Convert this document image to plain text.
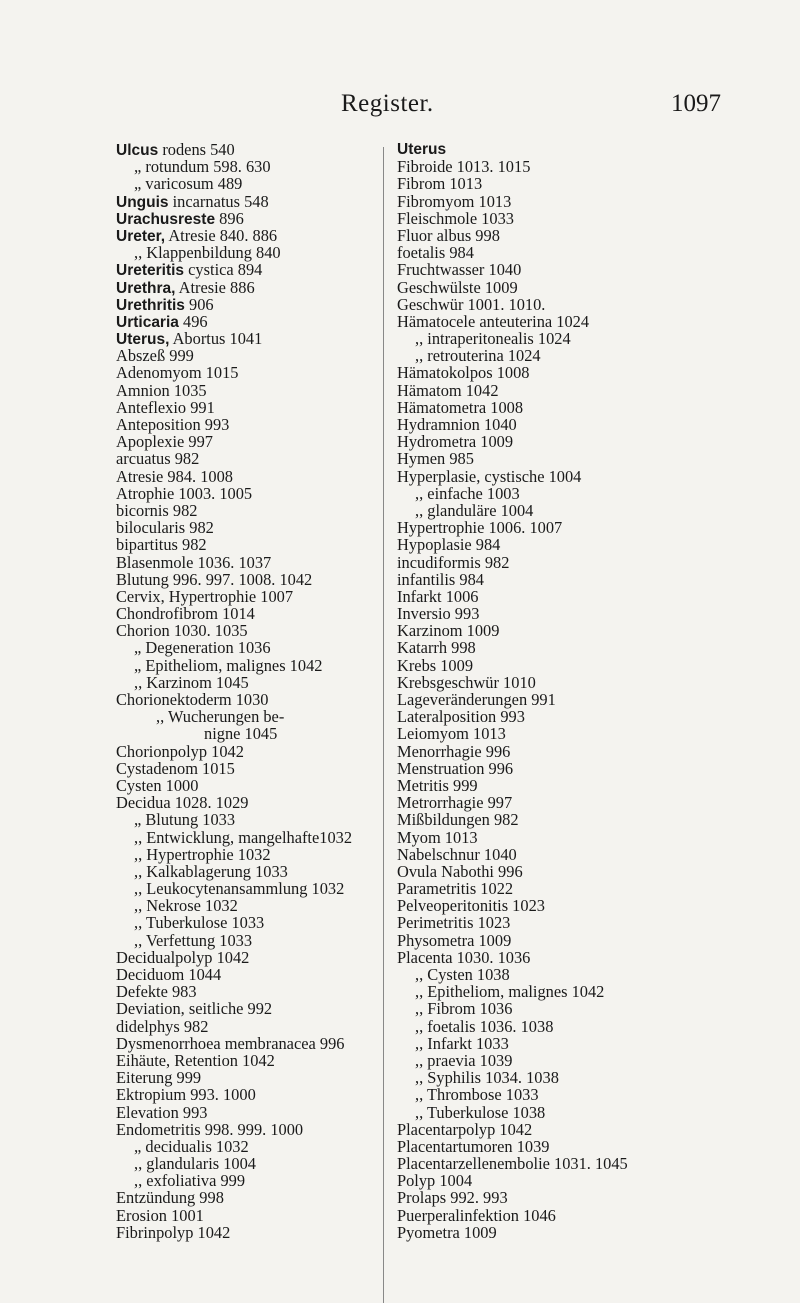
Register.	1097
Ulcus rodens 540
„ rotundum 598. 630
„ varicosum 489
Unguis incarnatus 548
Urachusreste 896
Ureter, Atresie 840. 886
,, Klappenbildung 840
Ureteritis cystica 894
Urethra, Atresie 886
Urethritis 906
Urticaria 496
Uterus, Abortus 1041
Abszeß 999
Adenomyom 1015
Amnion 1035
Anteflexio 991
Anteposition 993
Apoplexie 997
arcuatus 982
Atresie 984. 1008
Atrophie 1003. 1005
bicornis 982
bilocularis 982
bipartitus 982
Blasenmole 1036. 1037
Blutung 996. 997. 1008. 1042
Cervix, Hypertrophie 1007
Chondrofibrom 1014
Chorion 1030. 1035
„ Degeneration 1036
„ Epitheliom, malignes 1042
,, Karzinom 1045
Chorionektoderm 1030
,, Wucherungen be-
nigne 1045
Chorionpolyp 1042
Cystadenom 1015
Cysten 1000
Decidua 1028. 1029
„ Blutung 1033
,, Entwicklung, mangelhafte1032
,, Hypertrophie 1032
,, Kalkablagerung 1033
,, Leukocytenansammlung 1032
,, Nekrose 1032
,, Tuberkulose 1033
,, Verfettung 1033
Decidualpolyp 1042
Deciduom 1044
Defekte 983
Deviation, seitliche 992
didelphys 982
Dysmenorrhoea membranacea 996
Eihäute, Retention 1042
Eiterung 999
Ektropium 993. 1000
Elevation 993
Endometritis 998. 999. 1000
„ decidualis 1032
,, glandularis 1004
,, exfoliativa 999
Entzündung 998
Erosion 1001
Fibrinpolyp 1042
Uterus
Fibroide 1013. 1015
Fibrom 1013
Fibromyom 1013
Fleischmole 1033
Fluor albus 998
foetalis 984
Fruchtwasser 1040
Geschwülste 1009
Geschwür 1001. 1010.
Hämatocele anteuterina 1024
,, intraperitonealis 1024
,, retrouterina 1024
Hämatokolpos 1008
Hämatom 1042
Hämatometra 1008
Hydramnion 1040
Hydrometra 1009
Hymen 985
Hyperplasie, cystische 1004
,, einfache 1003
,, glanduläre 1004
Hypertrophie 1006. 1007
Hypoplasie 984
incudiformis 982
infantilis 984
Infarkt 1006
Inversio 993
Karzinom 1009
Katarrh 998
Krebs 1009
Krebsgeschwür 1010
Lageveränderungen 991
Lateralposition 993
Leiomyom 1013
Menorrhagie 996
Menstruation 996
Metritis 999
Metrorrhagie 997
Mißbildungen 982
Myom 1013
Nabelschnur 1040
Ovula Nabothi 996
Parametritis 1022
Pelveoperitonitis 1023
Perimetritis 1023
Physometra 1009
Placenta 1030. 1036
,, Cysten 1038
,, Epitheliom, malignes 1042
,, Fibrom 1036
,, foetalis 1036. 1038
,, Infarkt 1033
,, praevia 1039
,, Syphilis 1034. 1038
,, Thrombose 1033
,, Tuberkulose 1038
Placentarpolyp 1042
Placentartumoren 1039
Placentarzellenembolie 1031. 1045
Polyp 1004
Prolaps 992. 993
Puerperalinfektion 1046
Pyometra 1009
